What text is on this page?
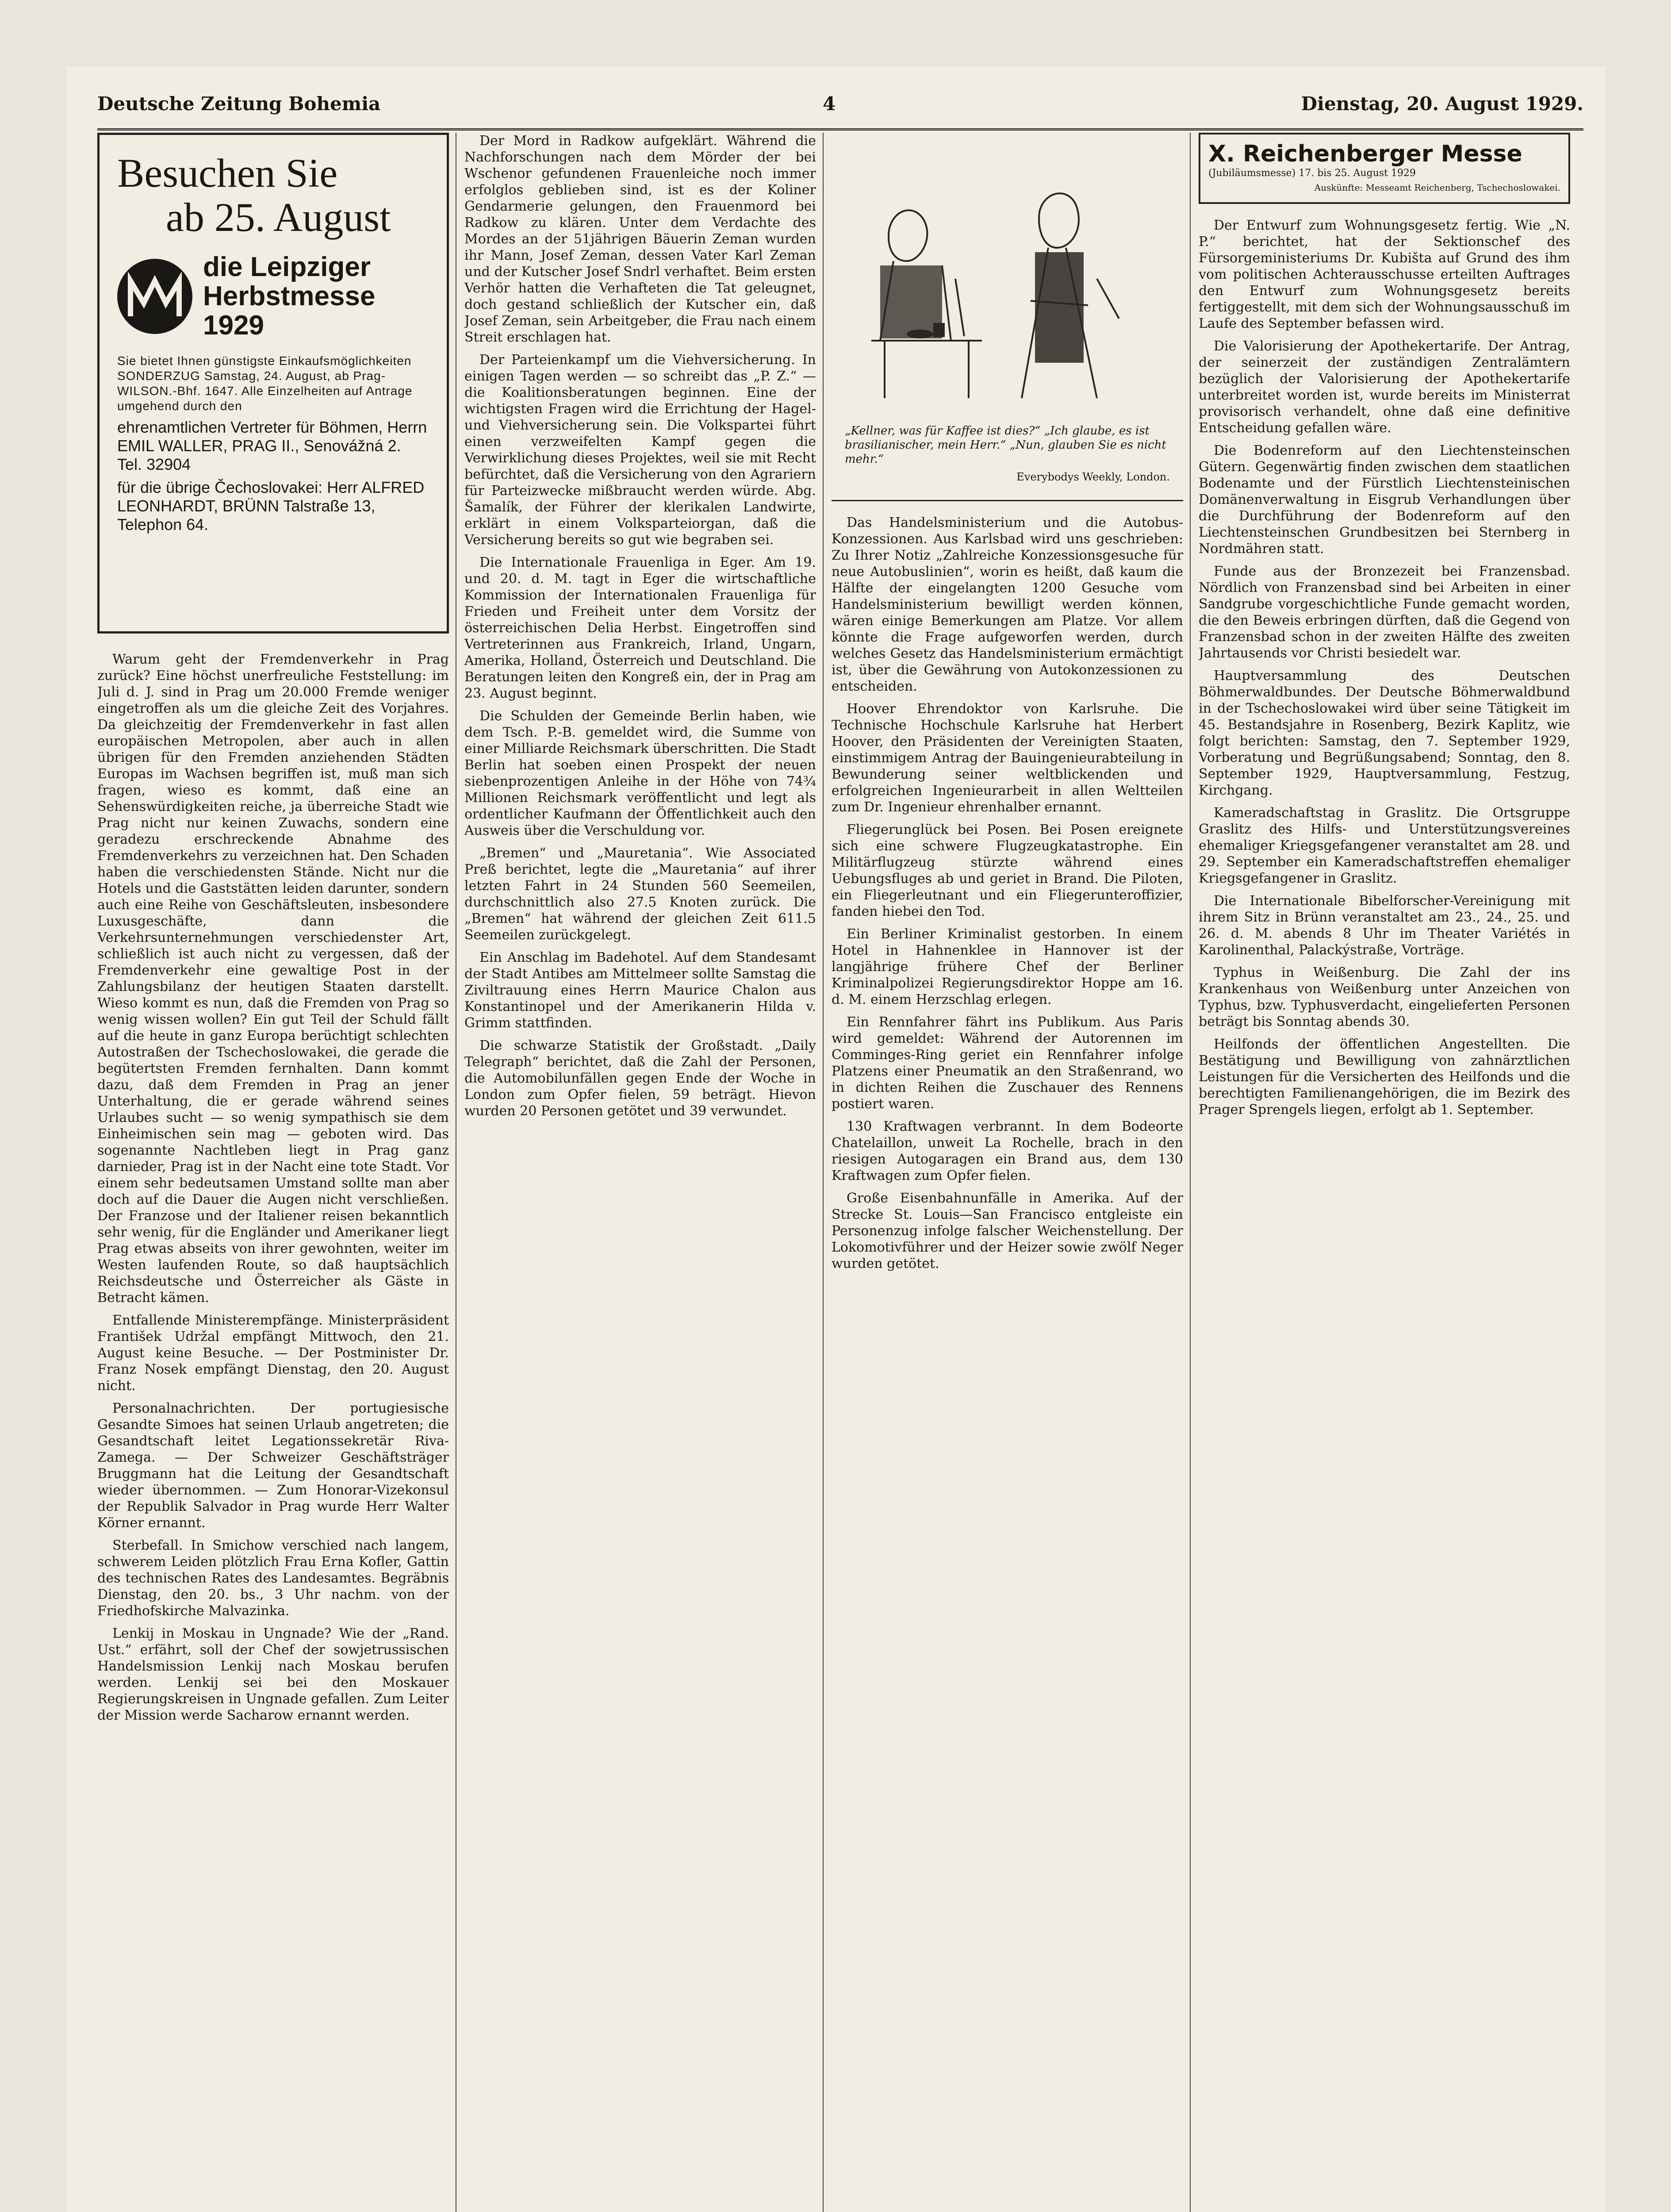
Deutsche Zeitung Bohemia	4	Dienstag, 20. August 1929.
Besuchen Sie
ab 25. August
die Leipziger
Herbstmesse
1929
Sie bietet Ihnen günstigste Einkaufsmöglichkeiten SONDERZUG Samstag, 24. August, ab Prag-WILSON.-Bhf. 1647. Alle Einzelheiten auf Antrage umgehend durch den
ehrenamtlichen Vertreter für Böhmen, Herrn EMIL WALLER, PRAG II., Senovážná 2. Tel. 32904
für die übrige Čechoslovakei: Herr ALFRED LEONHARDT, BRÜNN Talstraße 13, Telephon 64.

Warum geht der Fremdenverkehr in Prag zurück? Eine höchst unerfreuliche Feststellung: im Juli d. J. sind in Prag um 20.000 Fremde weniger eingetroffen als um die gleiche Zeit des Vorjahres. Da gleichzeitig der Fremdenverkehr in fast allen europäischen Metropolen, aber auch in allen übrigen für den Fremden anziehenden Städten Europas im Wachsen begriffen ist, muß man sich fragen, wieso es kommt, daß eine an Sehenswürdigkeiten reiche, ja überreiche Stadt wie Prag nicht nur keinen Zuwachs, sondern eine geradezu erschreckende Abnahme des Fremdenverkehrs zu verzeichnen hat. Den Schaden haben die verschiedensten Stände. Nicht nur die Hotels und die Gaststätten leiden darunter, sondern auch eine Reihe von Geschäftsleuten, insbesondere Luxusgeschäfte, dann die Verkehrsunternehmungen verschiedenster Art, schließlich ist auch nicht zu vergessen, daß der Fremdenverkehr eine gewaltige Post in der Zahlungsbilanz der heutigen Staaten darstellt. Wieso kommt es nun, daß die Fremden von Prag so wenig wissen wollen? Ein gut Teil der Schuld fällt auf die heute in ganz Europa berüchtigt schlechten Autostraßen der Tschechoslowakei, die gerade die begütertsten Fremden fernhalten. Dann kommt dazu, daß dem Fremden in Prag an jener Unterhaltung, die er gerade während seines Urlaubes sucht — so wenig sympathisch sie dem Einheimischen sein mag — geboten wird. Das sogenannte Nachtleben liegt in Prag ganz darnieder, Prag ist in der Nacht eine tote Stadt. Vor einem sehr bedeutsamen Umstand sollte man aber doch auf die Dauer die Augen nicht verschließen. Der Franzose und der Italiener reisen bekanntlich sehr wenig, für die Engländer und Amerikaner liegt Prag etwas abseits von ihrer gewohnten, weiter im Westen laufenden Route, so daß hauptsächlich Reichsdeutsche und Österreicher als Gäste in Betracht kämen.

Entfallende Ministerempfänge. Ministerpräsident František Udržal empfängt Mittwoch, den 21. August keine Besuche. — Der Postminister Dr. Franz Nosek empfängt Dienstag, den 20. August nicht.

Personalnachrichten. Der portugiesische Gesandte Simoes hat seinen Urlaub angetreten; die Gesandtschaft leitet Legationssekretär Riva-Zamega. — Der Schweizer Geschäftsträger Bruggmann hat die Leitung der Gesandtschaft wieder übernommen. — Zum Honorar-Vizekonsul der Republik Salvador in Prag wurde Herr Walter Körner ernannt.

Sterbefall. In Smichow verschied nach langem, schwerem Leiden plötzlich Frau Erna Kofler, Gattin des technischen Rates des Landesamtes. Begräbnis Dienstag, den 20. bs., 3 Uhr nachm. von der Friedhofskirche Malvazinka.

Lenkij in Moskau in Ungnade? Wie der „Rand. Ust.“ erfährt, soll der Chef der sowjetrussischen Handelsmission Lenkij nach Moskau berufen werden. Lenkij sei bei den Moskauer Regierungskreisen in Ungnade gefallen. Zum Leiter der Mission werde Sacharow ernannt werden.

Der Mord in Radkow aufgeklärt. Während die Nachforschungen nach dem Mörder der bei Wschenor gefundenen Frauenleiche noch immer erfolglos geblieben sind, ist es der Koliner Gendarmerie gelungen, den Frauenmord bei Radkow zu klären. Unter dem Verdachte des Mordes an der 51jährigen Bäuerin Zeman wurden ihr Mann, Josef Zeman, dessen Vater Karl Zeman und der Kutscher Josef Sndrl verhaftet. Beim ersten Verhör hatten die Verhafteten die Tat geleugnet, doch gestand schließlich der Kutscher ein, daß Josef Zeman, sein Arbeitgeber, die Frau nach einem Streit erschlagen hat.

Der Parteienkampf um die Viehversicherung. In einigen Tagen werden — so schreibt das „P. Z.“ — die Koalitionsberatungen beginnen. Eine der wichtigsten Fragen wird die Errichtung der Hagel- und Viehversicherung sein. Die Volkspartei führt einen verzweifelten Kampf gegen die Verwirklichung dieses Projektes, weil sie mit Recht befürchtet, daß die Versicherung von den Agrariern für Parteizwecke mißbraucht werden würde. Abg. Šamalík, der Führer der klerikalen Landwirte, erklärt in einem Volksparteiorgan, daß die Versicherung bereits so gut wie begraben sei.

Die Internationale Frauenliga in Eger. Am 19. und 20. d. M. tagt in Eger die wirtschaftliche Kommission der Internationalen Frauenliga für Frieden und Freiheit unter dem Vorsitz der österreichischen Delia Herbst. Eingetroffen sind Vertreterinnen aus Frankreich, Irland, Ungarn, Amerika, Holland, Österreich und Deutschland. Die Beratungen leiten den Kongreß ein, der in Prag am 23. August beginnt.

Die Schulden der Gemeinde Berlin haben, wie dem Tsch. P.-B. gemeldet wird, die Summe von einer Milliarde Reichsmark überschritten. Die Stadt Berlin hat soeben einen Prospekt der neuen siebenprozentigen Anleihe in der Höhe von 74¾ Millionen Reichsmark veröffentlicht und legt als ordentlicher Kaufmann der Öffentlichkeit auch den Ausweis über die Verschuldung vor.

„Bremen“ und „Mauretania“. Wie Associated Preß berichtet, legte die „Mauretania“ auf ihrer letzten Fahrt in 24 Stunden 560 Seemeilen, durchschnittlich also 27.5 Knoten zurück. Die „Bremen“ hat während der gleichen Zeit 611.5 Seemeilen zurückgelegt.

Ein Anschlag im Badehotel. Auf dem Standesamt der Stadt Antibes am Mittelmeer sollte Samstag die Ziviltrauung eines Herrn Maurice Chalon aus Konstantinopel und der Amerikanerin Hilda v. Grimm stattfinden.

Die schwarze Statistik der Großstadt. „Daily Telegraph“ berichtet, daß die Zahl der Personen, die Automobilunfällen gegen Ende der Woche in London zum Opfer fielen, 59 beträgt. Hievon wurden 20 Personen getötet und 39 verwundet.

„Kellner, was für Kaffee ist dies?“ „Ich glaube, es ist brasilianischer, mein Herr.“ „Nun, glauben Sie es nicht mehr.“
Everybodys Weekly, London.

Das Handelsministerium und die Autobus-Konzessionen. Aus Karlsbad wird uns geschrieben: Zu Ihrer Notiz „Zahlreiche Konzessionsgesuche für neue Autobuslinien“, worin es heißt, daß kaum die Hälfte der eingelangten 1200 Gesuche vom Handelsministerium bewilligt werden können, wären einige Bemerkungen am Platze. Vor allem könnte die Frage aufgeworfen werden, durch welches Gesetz das Handelsministerium ermächtigt ist, über die Gewährung von Autokonzessionen zu entscheiden.

Hoover Ehrendoktor von Karlsruhe. Die Technische Hochschule Karlsruhe hat Herbert Hoover, den Präsidenten der Vereinigten Staaten, einstimmigem Antrag der Bauingenieurabteilung in Bewunderung seiner weltblickenden und erfolgreichen Ingenieurarbeit in allen Weltteilen zum Dr. Ingenieur ehrenhalber ernannt.

Fliegerunglück bei Posen. Bei Posen ereignete sich eine schwere Flugzeugkatastrophe. Ein Militärflugzeug stürzte während eines Uebungsfluges ab und geriet in Brand. Die Piloten, ein Fliegerleutnant und ein Fliegerunteroffizier, fanden hiebei den Tod.

Ein Berliner Kriminalist gestorben. In einem Hotel in Hahnenklee in Hannover ist der langjährige frühere Chef der Berliner Kriminalpolizei Regierungsdirektor Hoppe am 16. d. M. einem Herzschlag erlegen.

Ein Rennfahrer fährt ins Publikum. Aus Paris wird gemeldet: Während der Autorennen im Comminges-Ring geriet ein Rennfahrer infolge Platzens einer Pneumatik an den Straßenrand, wo in dichten Reihen die Zuschauer des Rennens postiert waren.

130 Kraftwagen verbrannt. In dem Bodeorte Chatelaillon, unweit La Rochelle, brach in den riesigen Autogaragen ein Brand aus, dem 130 Kraftwagen zum Opfer fielen.

Große Eisenbahnunfälle in Amerika. Auf der Strecke St. Louis—San Francisco entgleiste ein Personenzug infolge falscher Weichenstellung. Der Lokomotivführer und der Heizer sowie zwölf Neger wurden getötet.

X. Reichenberger Messe
(Jubiläumsmesse) 17. bis 25. August 1929
Auskünfte: Messeamt Reichenberg, Tschechoslowakei.

Der Entwurf zum Wohnungsgesetz fertig. Wie „N. P.“ berichtet, hat der Sektionschef des Fürsorgeministeriums Dr. Kubišta auf Grund des ihm vom politischen Achterausschusse erteilten Auftrages den Entwurf zum Wohnungsgesetz bereits fertiggestellt, mit dem sich der Wohnungsausschuß im Laufe des September befassen wird.

Die Valorisierung der Apothekertarife. Der Antrag, der seinerzeit der zuständigen Zentralämtern bezüglich der Valorisierung der Apothekertarife unterbreitet worden ist, wurde bereits im Ministerrat provisorisch verhandelt, ohne daß eine definitive Entscheidung gefallen wäre.

Die Bodenreform auf den Liechtensteinschen Gütern. Gegenwärtig finden zwischen dem staatlichen Bodenamte und der Fürstlich Liechtensteinischen Domänenverwaltung in Eisgrub Verhandlungen über die Durchführung der Bodenreform auf den Liechtensteinschen Grundbesitzen bei Sternberg in Nordmähren statt.

Funde aus der Bronzezeit bei Franzensbad. Nördlich von Franzensbad sind bei Arbeiten in einer Sandgrube vorgeschichtliche Funde gemacht worden, die den Beweis erbringen dürften, daß die Gegend von Franzensbad schon in der zweiten Hälfte des zweiten Jahrtausends vor Christi besiedelt war.

Hauptversammlung des Deutschen Böhmerwaldbundes. Der Deutsche Böhmerwaldbund in der Tschechoslowakei wird über seine Tätigkeit im 45. Bestandsjahre in Rosenberg, Bezirk Kaplitz, wie folgt berichten: Samstag, den 7. September 1929, Vorberatung und Begrüßungsabend; Sonntag, den 8. September 1929, Hauptversammlung, Festzug, Kirchgang.

Kameradschaftstag in Graslitz. Die Ortsgruppe Graslitz des Hilfs- und Unterstützungsvereines ehemaliger Kriegsgefangener veranstaltet am 28. und 29. September ein Kameradschaftstreffen ehemaliger Kriegsgefangener in Graslitz.

Die Internationale Bibelforscher-Vereinigung mit ihrem Sitz in Brünn veranstaltet am 23., 24., 25. und 26. d. M. abends 8 Uhr im Theater Variétés in Karolinenthal, Palackýstraße, Vorträge.

Typhus in Weißenburg. Die Zahl der ins Krankenhaus von Weißenburg unter Anzeichen von Typhus, bzw. Typhusverdacht, eingelieferten Personen beträgt bis Sonntag abends 30.

Heilfonds der öffentlichen Angestellten. Die Bestätigung und Bewilligung von zahnärztlichen Leistungen für die Versicherten des Heilfonds und die berechtigten Familienangehörigen, die im Bezirk des Prager Sprengels liegen, erfolgt ab 1. September.
